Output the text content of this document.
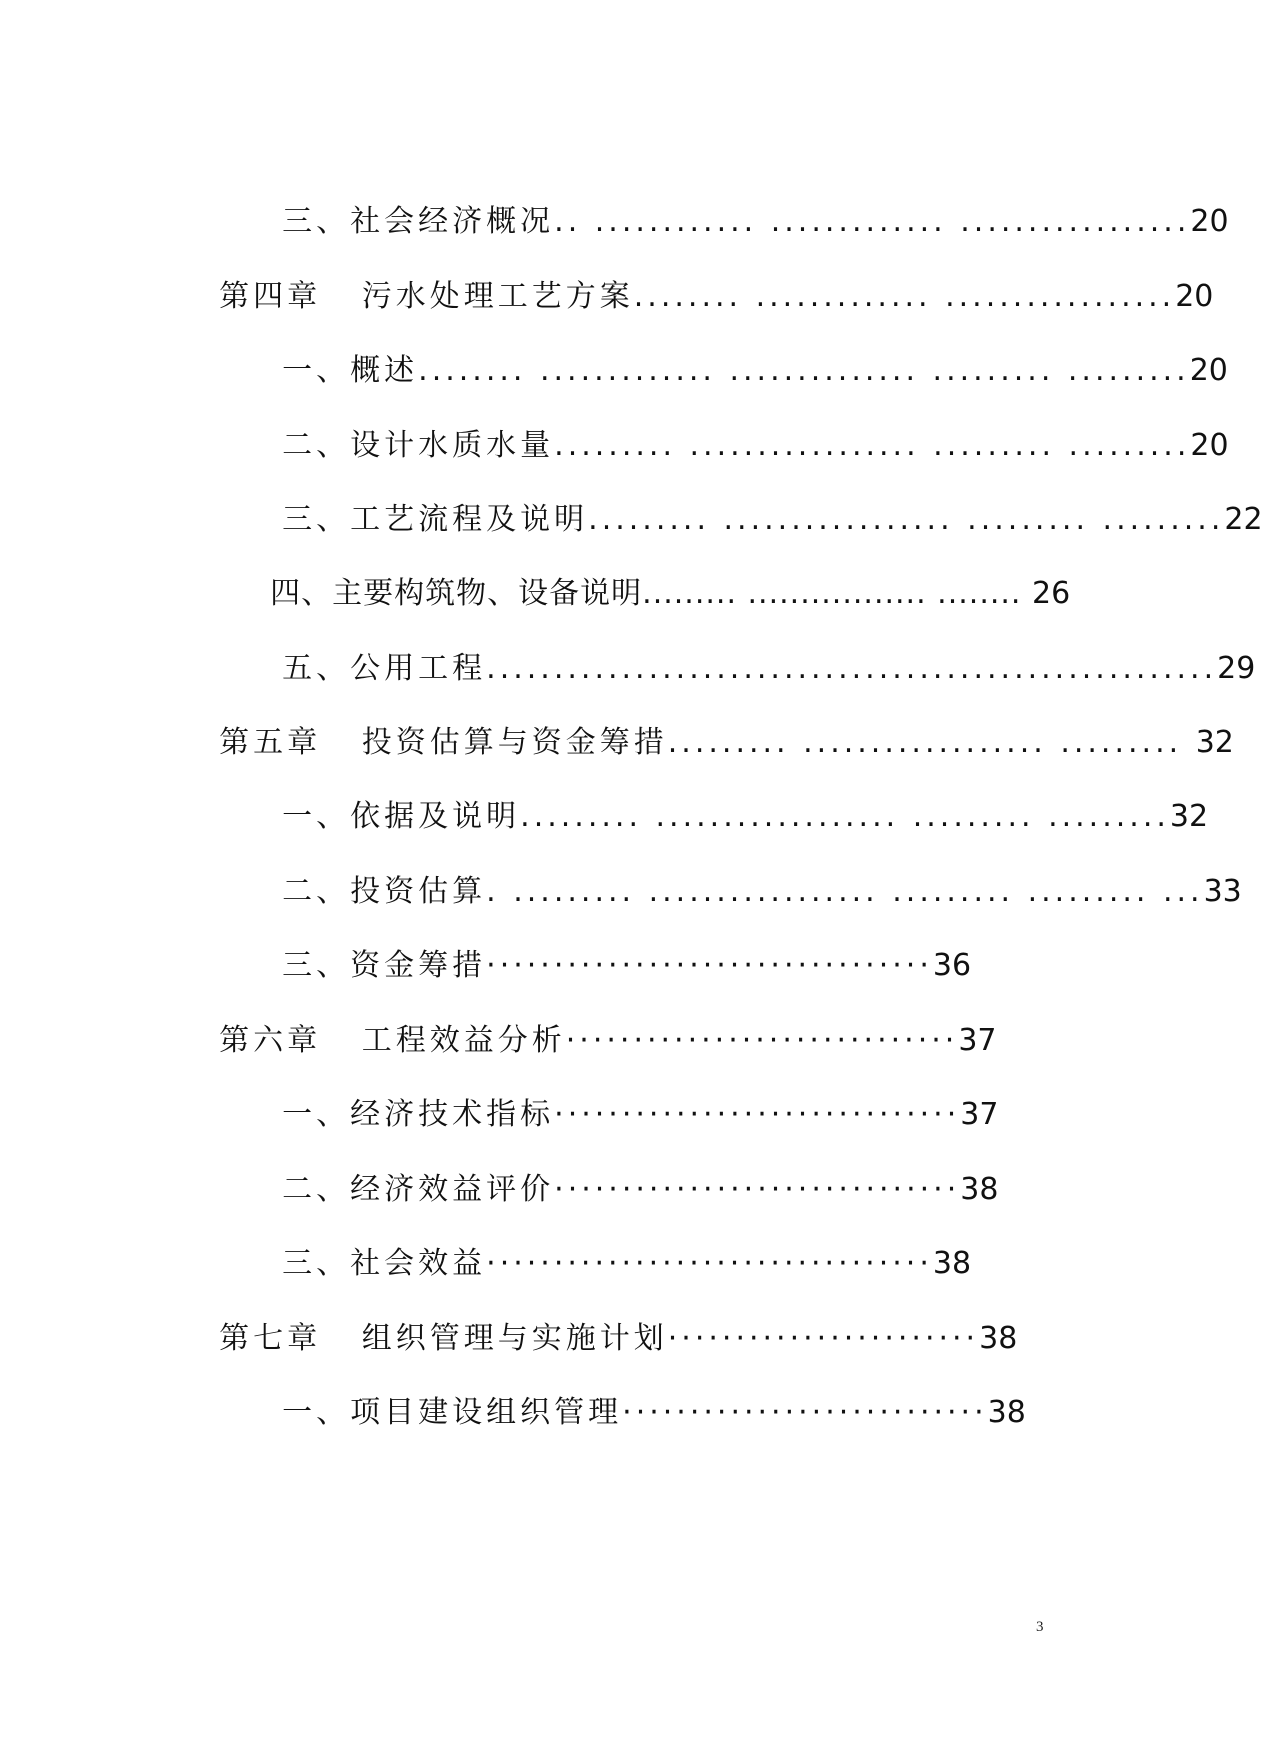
三、社会经济概况.. ............ ............. .................20

第四章   污水处理工艺方案........ ............. .................20

一、概述........ ............. .............. ......... .........20

二、设计水质水量......... ................. ......... .........20

三、工艺流程及说明......... ................. ......... .........22

四、主要构筑物、设备说明......... ................. ........ 26

五、公用工程......................................................29

第五章   投资估算与资金筹措......... .................. ......... 32

一、依据及说明......... .................. ......... .........32

二、投资估算. ......... ................. ......... ......... ...33

三、资金筹措·································36

第六章   工程效益分析·····························37

一、经济技术指标······························37

二、经济效益评价······························38

三、社会效益·································38

第七章   组织管理与实施计划·······················38

一、项目建设组织管理···························38

3
